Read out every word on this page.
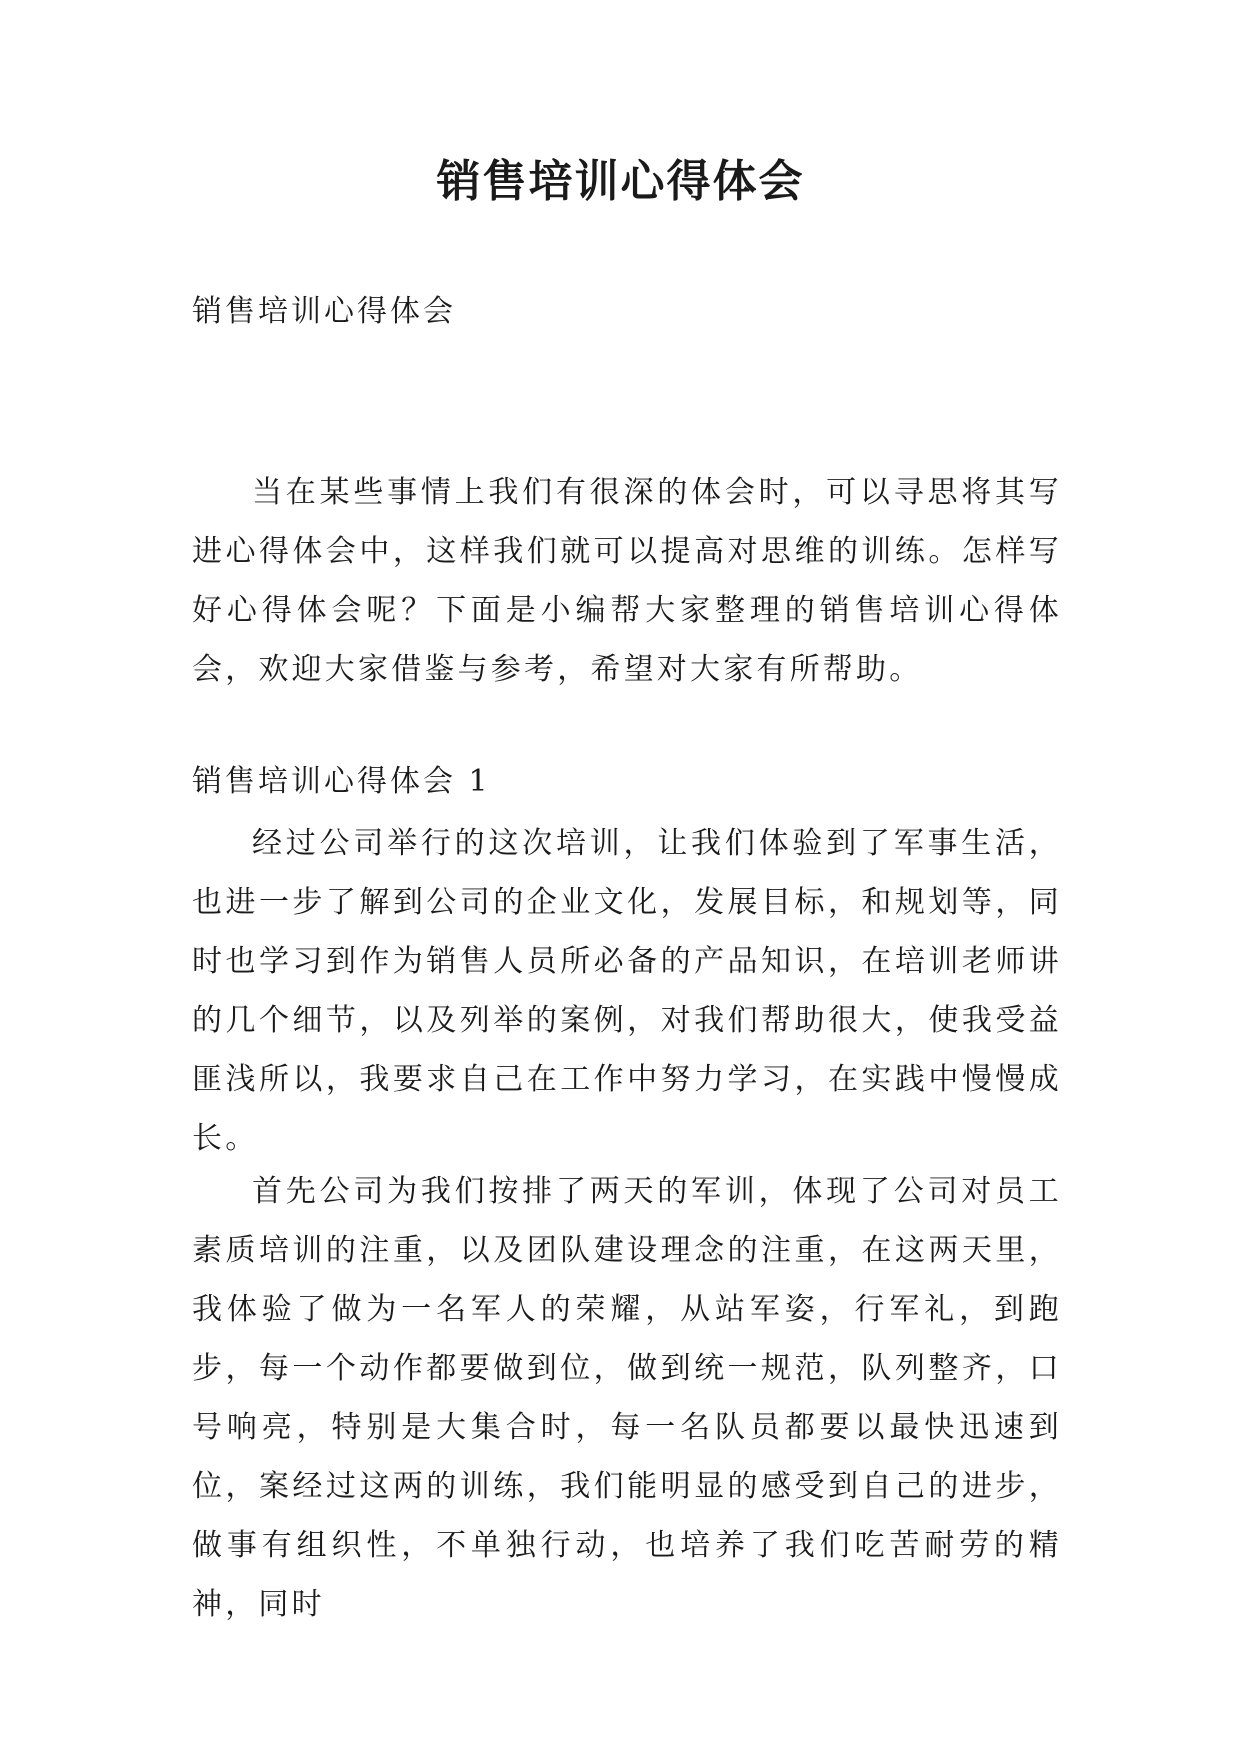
销售培训心得体会

销售培训心得体会

当在某些事情上我们有很深的体会时，可以寻思将其写进心得体会中，这样我们就可以提高对思维的训练。怎样写好心得体会呢？下面是小编帮大家整理的销售培训心得体会，欢迎大家借鉴与参考，希望对大家有所帮助。

销售培训心得体会 1

经过公司举行的这次培训，让我们体验到了军事生活，也进一步了解到公司的企业文化，发展目标，和规划等，同时也学习到作为销售人员所必备的产品知识，在培训老师讲的几个细节，以及列举的案例，对我们帮助很大，使我受益匪浅所以，我要求自己在工作中努力学习，在实践中慢慢成长。

首先公司为我们按排了两天的军训，体现了公司对员工素质培训的注重，以及团队建设理念的注重，在这两天里，我体验了做为一名军人的荣耀，从站军姿，行军礼，到跑步，每一个动作都要做到位，做到统一规范，队列整齐，口号响亮，特别是大集合时，每一名队员都要以最快迅速到位，案经过这两的训练，我们能明显的感受到自己的进步，做事有组织性，不单独行动，也培养了我们吃苦耐劳的精神，同时
